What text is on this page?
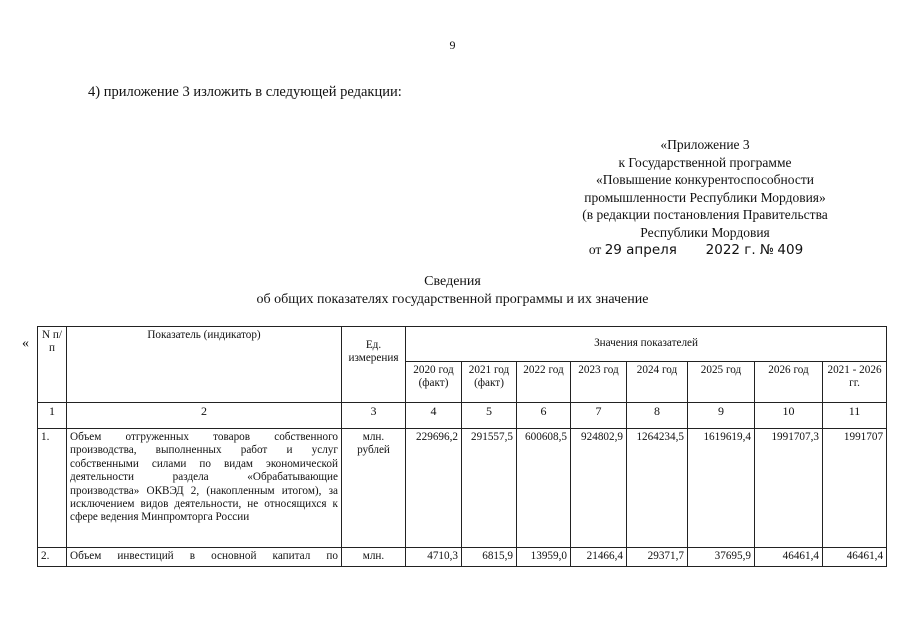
9
4) приложение 3 изложить в следующей редакции:
«Приложение 3
к Государственной программе
«Повышение конкурентоспособности
промышленности Республики Мордовия»
(в редакции постановления Правительства
Республики Мордовия
от 29 апреля 2022 г. № 409
Сведения
об общих показателях государственной программы и их значение
«
N п/п	Показатель (индикатор)	Ед. измерения	Значения показателей							
			2020 год (факт)	2021 год (факт)	2022 год	2023 год	2024 год	2025 год	2026 год	2021 - 2026 гг.
1	2	3	4	5	6	7	8	9	10	11
1.	Объем отгруженных товаров собственного производства, выполненных работ и услуг собственными силами по видам экономической деятельности раздела «Обрабатывающие производства» ОКВЭД 2, (накопленным итогом), за исключением видов деятельности, не относящихся к сфере ведения Минпромторга России	млн. рублей	229696,2	291557,5	600608,5	924802,9	1264234,5	1619619,4	1991707,3	1991707
2.	Объем инвестиций в основной капитал по	млн.	4710,3	6815,9	13959,0	21466,4	29371,7	37695,9	46461,4	46461,4
